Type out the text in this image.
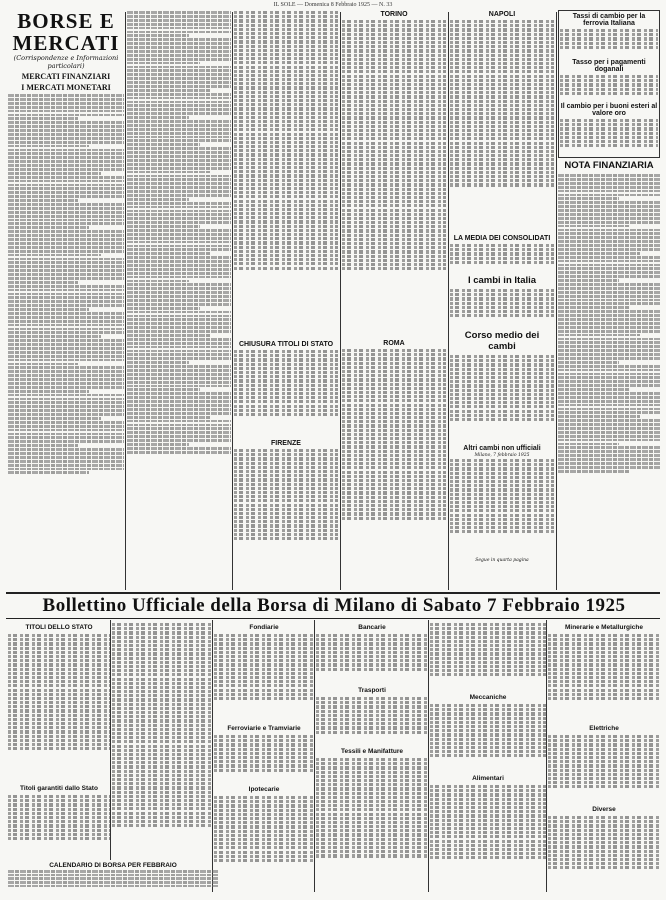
IL SOLE — Domenica 8 Febbraio 1925 — N. 33
BORSE E MERCATI
(Corrispondenze e Informazioni particolari)
MERCATI FINANZIARI
I MERCATI MONETARI
CHIUSURA TITOLI DI STATO
FIRENZE
TORINO
ROMA
NAPOLI
LA MEDIA DEI CONSOLIDATI
I cambi in Italia
Corso medio dei cambi
Altri cambi non ufficiali
Milano, 7 febbraio 1925
Segue in quarta pagina
Tassi di cambio per la ferrovia Italiana
Tasso per i pagamenti doganali
Il cambio per i buoni esteri al valore oro
NOTA FINANZIARIA
Bollettino Ufficiale della Borsa di Milano di Sabato 7 Febbraio 1925
TITOLI DELLO STATO
Titoli garantiti dallo Stato
Fondiarie
Ferroviarie e Tramviarie
Ipotecarie
Bancarie
Trasporti
Tessili e Manifatture
Meccaniche
Alimentari
Minerarie e Metallurgiche
Elettriche
Diverse
CALENDARIO DI BORSA PER FEBBRAIO
